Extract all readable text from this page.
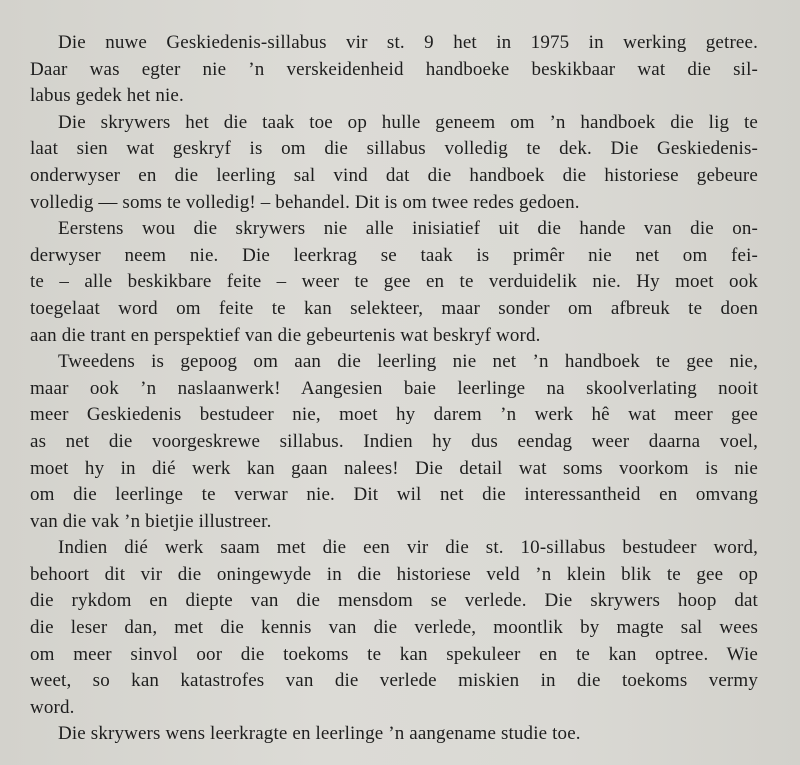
Die nuwe Geskiedenis-sillabus vir st. 9 het in 1975 in werking getree.
Daar was egter nie ’n verskeidenheid handboeke beskikbaar wat die sil-
labus gedek het nie.

Die skrywers het die taak toe op hulle geneem om ’n handboek die lig te
laat sien wat geskryf is om die sillabus volledig te dek. Die Geskiedenis-
onderwyser en die leerling sal vind dat die handboek die historiese gebeure
volledig — soms te volledig! – behandel. Dit is om twee redes gedoen.

Eerstens wou die skrywers nie alle inisiatief uit die hande van die on-
derwyser neem nie. Die leerkrag se taak is primêr nie net om fei-
te – alle beskikbare feite – weer te gee en te verduidelik nie. Hy moet ook
toegelaat word om feite te kan selekteer, maar sonder om afbreuk te doen
aan die trant en perspektief van die gebeurtenis wat beskryf word.

Tweedens is gepoog om aan die leerling nie net ’n handboek te gee nie,
maar ook ’n naslaanwerk! Aangesien baie leerlinge na skoolverlating nooit
meer Geskiedenis bestudeer nie, moet hy darem ’n werk hê wat meer gee
as net die voorgeskrewe sillabus. Indien hy dus eendag weer daarna voel,
moet hy in dié werk kan gaan nalees! Die detail wat soms voorkom is nie
om die leerlinge te verwar nie. Dit wil net die interessantheid en omvang
van die vak ’n bietjie illustreer.

Indien dié werk saam met die een vir die st. 10-sillabus bestudeer word,
behoort dit vir die oningewyde in die historiese veld ’n klein blik te gee op
die rykdom en diepte van die mensdom se verlede. Die skrywers hoop dat
die leser dan, met die kennis van die verlede, moontlik by magte sal wees
om meer sinvol oor die toekoms te kan spekuleer en te kan optree. Wie
weet, so kan katastrofes van die verlede miskien in die toekoms vermy
word.

Die skrywers wens leerkragte en leerlinge ’n aangename studie toe.
